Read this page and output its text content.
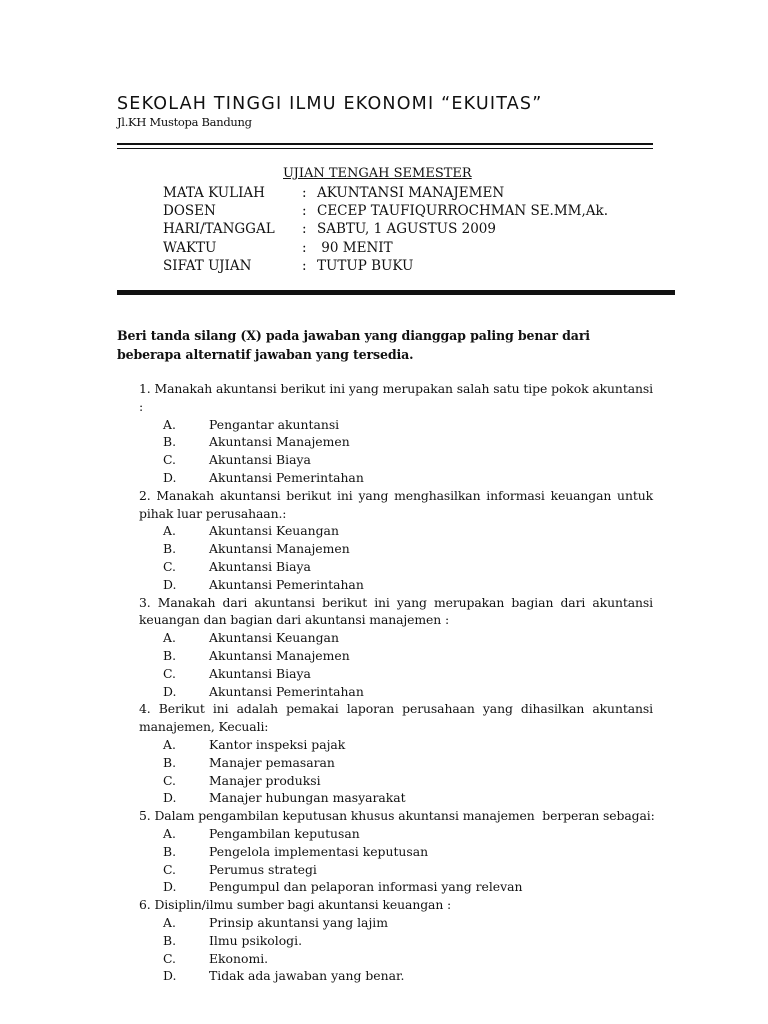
SEKOLAH TINGGI ILMU EKONOMI “EKUITAS”
Jl.KH Mustopa Bandung
UJIAN TENGAH SEMESTER
MATA KULIAH	: AKUNTANSI MANAJEMEN
DOSEN	: CECEP TAUFIQURROCHMAN SE.MM,Ak.
HARI/TANGGAL : SABTU, 1 AGUSTUS 2009
WAKTU	: 90 MENIT
SIFAT UJIAN	: TUTUP BUKU
Beri tanda silang (X) pada jawaban yang dianggap paling benar dari beberapa alternatif jawaban yang tersedia.
1. Manakah akuntansi berikut ini yang merupakan salah satu tipe pokok akuntansi :
A.	Pengantar akuntansi
B.	Akuntansi Manajemen
C.	Akuntansi Biaya
D.	Akuntansi Pemerintahan
2. Manakah akuntansi berikut ini yang menghasilkan informasi keuangan untuk pihak luar perusahaan.:
A.	Akuntansi Keuangan
B.	Akuntansi Manajemen
C.	Akuntansi Biaya
D.	Akuntansi Pemerintahan
3. Manakah dari akuntansi berikut ini yang merupakan bagian dari akuntansi keuangan dan bagian dari akuntansi manajemen :
A.	Akuntansi Keuangan
B.	Akuntansi Manajemen
C.	Akuntansi Biaya
D.	Akuntansi Pemerintahan
4. Berikut ini adalah pemakai laporan perusahaan yang dihasilkan akuntansi manajemen, Kecuali:
A.	Kantor inspeksi pajak
B.	Manajer pemasaran
C.	Manajer produksi
D.	Manajer hubungan masyarakat
5. Dalam pengambilan keputusan khusus akuntansi manajemen  berperan sebagai:
A.	Pengambilan keputusan
B.	Pengelola implementasi keputusan
C.	Perumus strategi
D.	Pengumpul dan pelaporan informasi yang relevan
6. Disiplin/ilmu sumber bagi akuntansi keuangan :
A.	Prinsip akuntansi yang lajim
B.	Ilmu psikologi.
C.	Ekonomi.
D.	Tidak ada jawaban yang benar.
